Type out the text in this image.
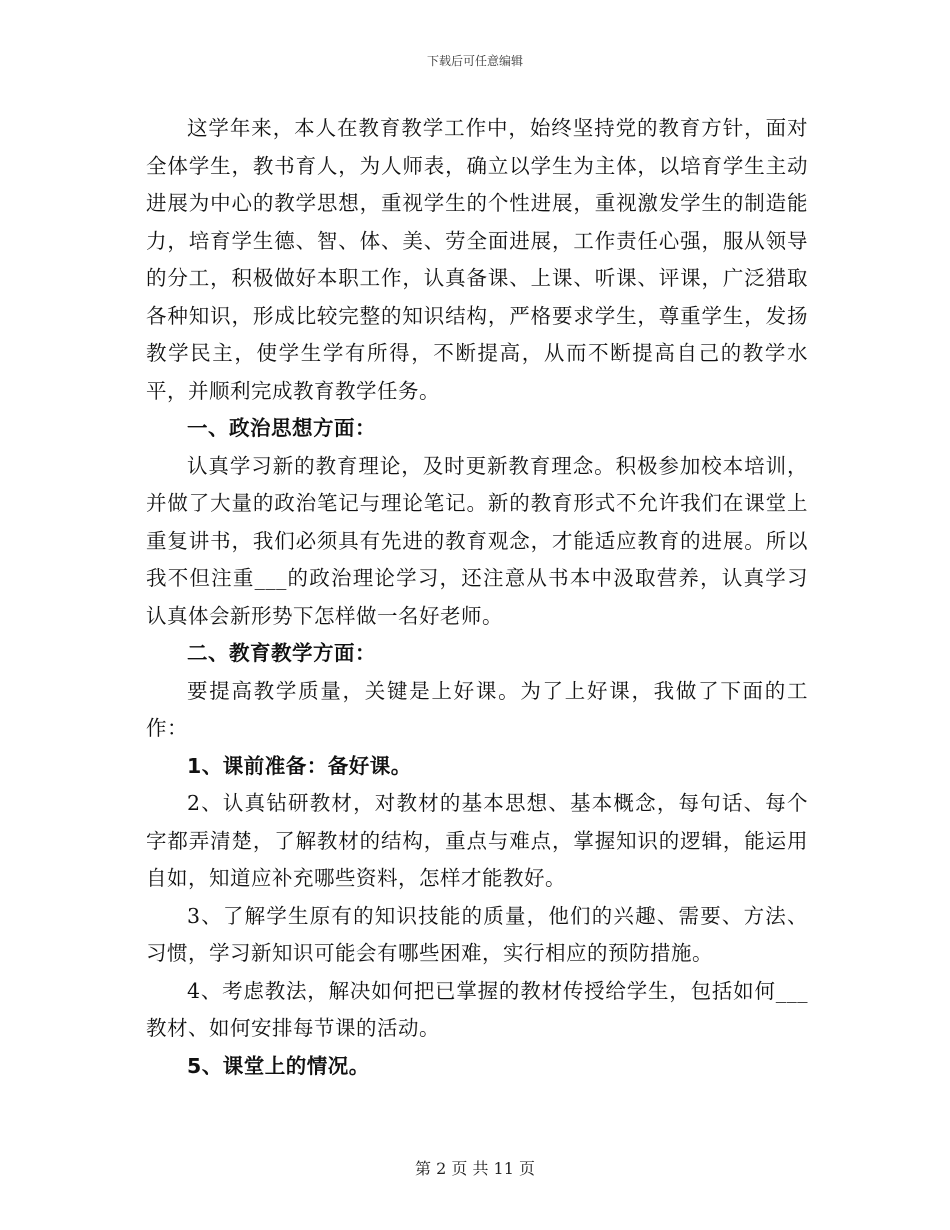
下载后可任意编辑

这学年来，本人在教育教学工作中，始终坚持党的教育方针，面对全体学生，教书育人，为人师表，确立以学生为主体，以培育学生主动进展为中心的教学思想，重视学生的个性进展，重视激发学生的制造能力，培育学生德、智、体、美、劳全面进展，工作责任心强，服从领导的分工，积极做好本职工作，认真备课、上课、听课、评课，广泛猎取各种知识，形成比较完整的知识结构，严格要求学生，尊重学生，发扬教学民主，使学生学有所得，不断提高，从而不断提高自己的教学水平，并顺利完成教育教学任务。

一、政治思想方面：

认真学习新的教育理论，及时更新教育理念。积极参加校本培训，并做了大量的政治笔记与理论笔记。新的教育形式不允许我们在课堂上重复讲书，我们必须具有先进的教育观念，才能适应教育的进展。所以我不但注重___的政治理论学习，还注意从书本中汲取营养，认真学习认真体会新形势下怎样做一名好老师。

二、教育教学方面：

要提高教学质量，关键是上好课。为了上好课，我做了下面的工作：

1、课前准备：备好课。

2、认真钻研教材，对教材的基本思想、基本概念，每句话、每个字都弄清楚，了解教材的结构，重点与难点，掌握知识的逻辑，能运用自如，知道应补充哪些资料，怎样才能教好。

3、了解学生原有的知识技能的质量，他们的兴趣、需要、方法、习惯，学习新知识可能会有哪些困难，实行相应的预防措施。

4、考虑教法，解决如何把已掌握的教材传授给学生，包括如何___教材、如何安排每节课的活动。

5、课堂上的情况。

第 2 页 共 11 页
